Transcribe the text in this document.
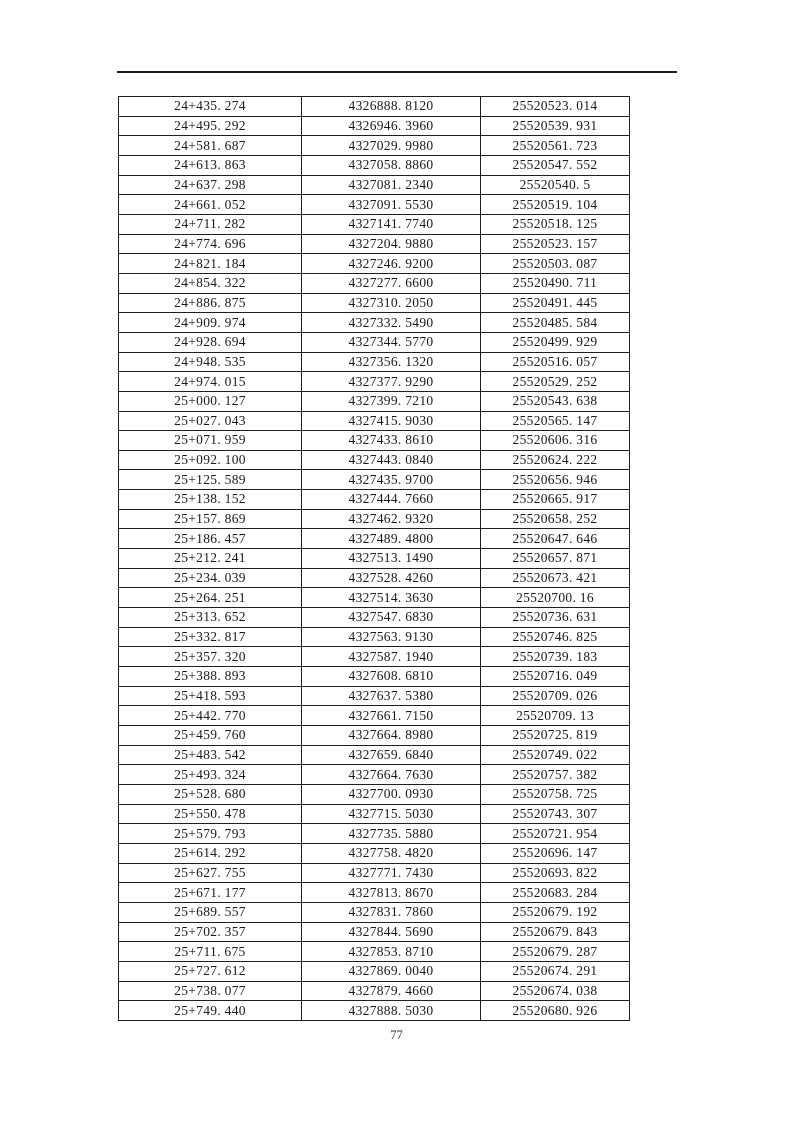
24+435. 274	4326888. 8120	25520523. 014
24+495. 292	4326946. 3960	25520539. 931
24+581. 687	4327029. 9980	25520561. 723
24+613. 863	4327058. 8860	25520547. 552
24+637. 298	4327081. 2340	25520540. 5
24+661. 052	4327091. 5530	25520519. 104
24+711. 282	4327141. 7740	25520518. 125
24+774. 696	4327204. 9880	25520523. 157
24+821. 184	4327246. 9200	25520503. 087
24+854. 322	4327277. 6600	25520490. 711
24+886. 875	4327310. 2050	25520491. 445
24+909. 974	4327332. 5490	25520485. 584
24+928. 694	4327344. 5770	25520499. 929
24+948. 535	4327356. 1320	25520516. 057
24+974. 015	4327377. 9290	25520529. 252
25+000. 127	4327399. 7210	25520543. 638
25+027. 043	4327415. 9030	25520565. 147
25+071. 959	4327433. 8610	25520606. 316
25+092. 100	4327443. 0840	25520624. 222
25+125. 589	4327435. 9700	25520656. 946
25+138. 152	4327444. 7660	25520665. 917
25+157. 869	4327462. 9320	25520658. 252
25+186. 457	4327489. 4800	25520647. 646
25+212. 241	4327513. 1490	25520657. 871
25+234. 039	4327528. 4260	25520673. 421
25+264. 251	4327514. 3630	25520700. 16
25+313. 652	4327547. 6830	25520736. 631
25+332. 817	4327563. 9130	25520746. 825
25+357. 320	4327587. 1940	25520739. 183
25+388. 893	4327608. 6810	25520716. 049
25+418. 593	4327637. 5380	25520709. 026
25+442. 770	4327661. 7150	25520709. 13
25+459. 760	4327664. 8980	25520725. 819
25+483. 542	4327659. 6840	25520749. 022
25+493. 324	4327664. 7630	25520757. 382
25+528. 680	4327700. 0930	25520758. 725
25+550. 478	4327715. 5030	25520743. 307
25+579. 793	4327735. 5880	25520721. 954
25+614. 292	4327758. 4820	25520696. 147
25+627. 755	4327771. 7430	25520693. 822
25+671. 177	4327813. 8670	25520683. 284
25+689. 557	4327831. 7860	25520679. 192
25+702. 357	4327844. 5690	25520679. 843
25+711. 675	4327853. 8710	25520679. 287
25+727. 612	4327869. 0040	25520674. 291
25+738. 077	4327879. 4660	25520674. 038
25+749. 440	4327888. 5030	25520680. 926
77
